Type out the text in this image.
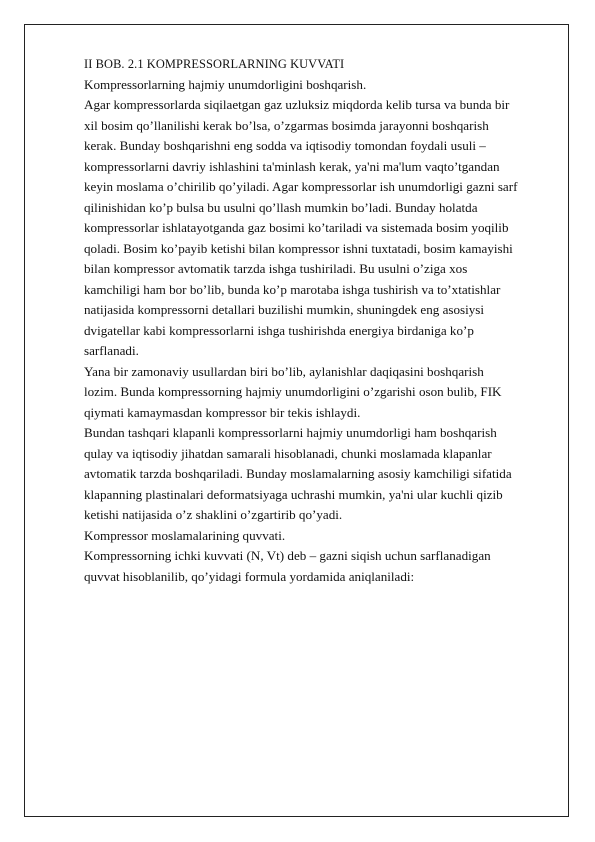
II BOB. 2.1 KOMPRESSORLARNING KUVVATI
Kompressorlarning hajmiy unumdorligini boshqarish.
Agar kompressorlarda siqilaetgan gaz uzluksiz miqdorda kelib tursa va bunda bir
xil bosim qo’llanilishi kerak bo’lsa, o’zgarmas bosimda jarayonni boshqarish
kerak. Bunday boshqarishni eng sodda va iqtisodiy tomondan foydali usuli –
kompressorlarni davriy ishlashini ta'minlash kerak, ya'ni ma'lum vaqto’tgandan
keyin moslama o’chirilib qo’yiladi. Agar kompressorlar ish unumdorligi gazni sarf
qilinishidan ko’p bulsa bu usulni qo’llash mumkin bo’ladi. Bunday holatda
kompressorlar ishlatayotganda gaz bosimi ko’tariladi va sistemada bosim yoqilib
qoladi. Bosim ko’payib ketishi bilan kompressor ishni tuxtatadi, bosim kamayishi
bilan kompressor avtomatik tarzda ishga tushiriladi. Bu usulni o’ziga xos
kamchiligi ham bor bo’lib, bunda ko’p marotaba ishga tushirish va to’xtatishlar
natijasida kompressorni detallari buzilishi mumkin, shuningdek eng asosiysi
dvigatellar kabi kompressorlarni ishga tushirishda energiya birdaniga ko’p
sarflanadi.
Yana bir zamonaviy usullardan biri bo’lib, aylanishlar daqiqasini boshqarish
lozim. Bunda kompressorning hajmiy unumdorligini o’zgarishi oson bulib, FIK
qiymati kamaymasdan kompressor bir tekis ishlaydi.
Bundan tashqari klapanli kompressorlarni hajmiy unumdorligi ham boshqarish
qulay va iqtisodiy jihatdan samarali hisoblanadi, chunki moslamada klapanlar
avtomatik tarzda boshqariladi. Bunday moslamalarning asosiy kamchiligi sifatida
klapanning plastinalari deformatsiyaga uchrashi mumkin, ya'ni ular kuchli qizib
ketishi natijasida o’z shaklini o’zgartirib qo’yadi.
Kompressor moslamalarining quvvati.
Kompressorning ichki kuvvati (N, Vt) deb – gazni siqish uchun sarflanadigan
quvvat hisoblanilib, qo’yidagi formula yordamida aniqlaniladi:
